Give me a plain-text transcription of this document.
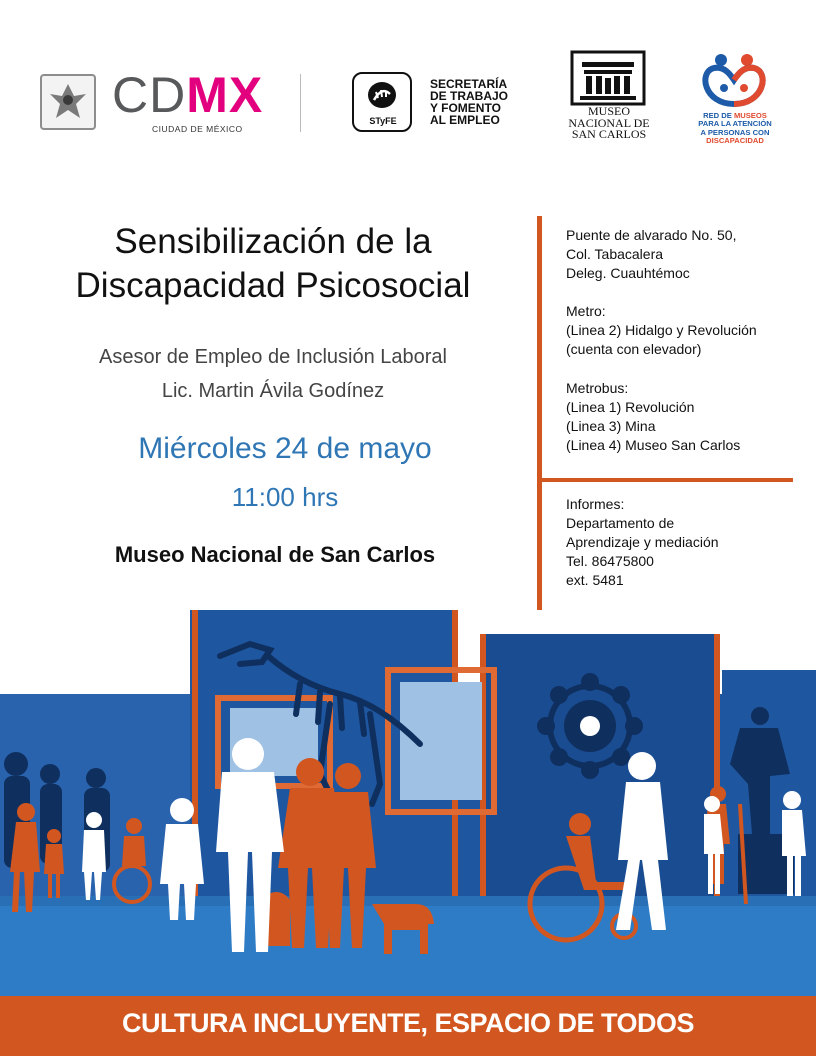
CDMX
CIUDAD DE MÉXICO
STyFE
SECRETARÍA
DE TRABAJO
Y FOMENTO
AL EMPLEO
MUSEO
NACIONAL DE
SAN CARLOS
RED DE MUSEOS
PARA LA ATENCIÓN
A PERSONAS CON
DISCAPACIDAD
Sensibilización de la
Discapacidad Psicosocial
Asesor de Empleo de Inclusión Laboral
Lic. Martin Ávila Godínez
Miércoles 24 de mayo
11:00 hrs
Museo Nacional de San Carlos

Puente de alvarado No. 50,

Col. Tabacalera

Deleg. Cuauhtémoc

Metro:

(Linea 2) Hidalgo y Revolución

(cuenta con elevador)

Metrobus:

(Linea 1) Revolución

(Linea 3) Mina

(Linea 4) Museo San Carlos

Informes:

Departamento de

Aprendizaje y mediación

Tel. 86475800

ext. 5481

CULTURA INCLUYENTE, ESPACIO DE TODOS
